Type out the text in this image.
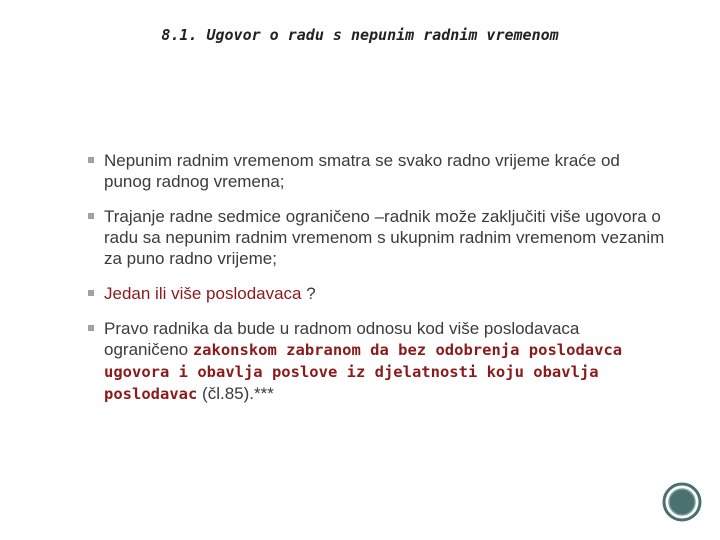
8.1. Ugovor o radu s nepunim radnim vremenom
Nepunim radnim vremenom smatra se svako radno vrijeme kraće od punog radnog vremena;
Trajanje radne sedmice ograničeno –radnik može zaključiti više ugovora o radu sa nepunim radnim vremenom s ukupnim radnim vremenom vezanim za puno radno vrijeme;
Jedan ili više poslodavaca ?
Pravo radnika da bude u radnom odnosu kod više poslodavaca ograničeno zakonskom zabranom da bez odobrenja poslodavca ugovora i obavlja poslove iz djelatnosti koju obavlja poslodavac (čl.85).***
